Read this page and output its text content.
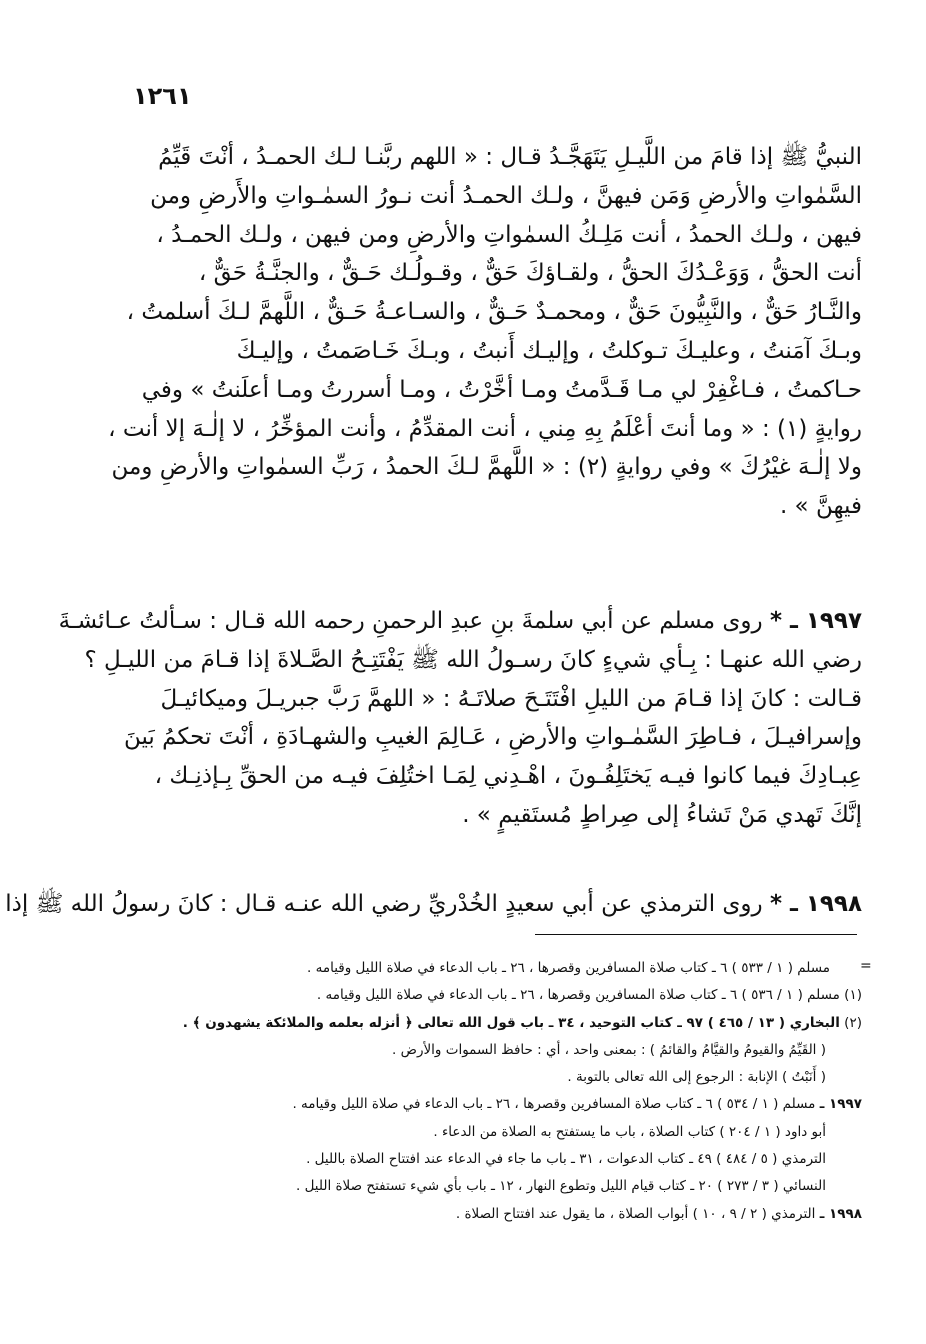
١٢٦١
النبيُّ ﷺ إذا قامَ من اللَّيـلِ يَتَهَجَّـدُ قـال : « اللهم ربَّنـا لـك الحمـدُ ، أنْتَ قَيِّمُ
السَّمٰواتِ والأرضِ وَمَن فيهنَّ ، ولـك الحمـدُ أنت نـورُ السمٰـواتِ والأَرضِ ومن
فيهن ، ولـك الحمدُ ، أنت مَلِـكُ السمٰواتِ والأرضِ ومن فيهن ، ولـك الحمـدُ ،
أنت الحقُّ ، وَوَعْـدُكَ الحقُّ ، ولقـاؤكَ حَقٌّ ، وقـولُـك حَـقٌّ ، والجنَّـةُ حَقٌّ ،
والنَّـارُ حَقٌّ ، والنَّبِيُّونَ حَقٌّ ، ومحمـدٌ حَـقٌّ ، والسـاعـةُ حَـقٌّ ، اللَّهمَّ لـكَ أسلمتُ ،
وبـكَ آمَنتُ ، وعليـكَ تـوكلتُ ، وإليـك أَنبتُ ، وبـكَ خَـاصَمتُ ، وإليـكَ
حـاكمتُ ، فـاغْفِرْ لي مـا قَـدَّمتُ ومـا أخَّرْتُ ، ومـا أسررتُ ومـا أعلَنتُ » وفي
روايةٍ (١) : « وما أنتَ أعْلَمُ بِهِ مِني ، أنت المقدِّمُ ، وأنت المؤخِّرُ ، لا إلٰـهَ إلا أنت ،
ولا إلٰـهَ غيْرُكَ » وفي روايةٍ (٢) : « اللَّهمَّ لـكَ الحمدُ ، رَبِّ السمٰواتِ والأرضِ ومن
فيهِنَّ » .
١٩٩٧ ـ * روى مسلم عن أبي سلمةَ بنِ عبدِ الرحمنِ رحمه الله قـال : سـألتُ عـائشـةَ
رضي الله عنهـا : بِـأي شيءٍ كانَ رسـولُ الله ﷺ يَفْتَتِـحُ الصَّـلاةَ إذا قـامَ من الليـلِ ؟
قـالت : كانَ إذا قـامَ من الليلِ افْتَتَـحَ صلاتَـهُ : « اللهمَّ رَبَّ جبريـلَ وميكائيـلَ
وإسرافيـلَ ، فـاطِرَ السَّمٰـواتِ والأرضِ ، عَـالِمَ الغيبِ والشهـادَةِ ، أنْتَ تحكمُ بَينَ
عِبـادِكَ فيما كانوا فيـه يَختَلِفُـونَ ، اهْـدِني لِمَـا اختُلِفَ فيـه من الحقِّ بِـإذنِـك ،
إنَّكَ تَهدي مَنْ تَشاءُ إلى صِراطٍ مُستَقيمٍ » .
١٩٩٨ ـ * روى الترمذي عن أبي سعيدٍ الخُدْريِّ رضي الله عنـه قـال : كانَ رسولُ الله ﷺ إذا
=
مسلم ( ١ / ٥٣٣ ) ٦ ـ كتاب صلاة المسافرين وقصرها ، ٢٦ ـ باب الدعاء في صلاة الليل وقيامه .
(١) مسلم ( ١ / ٥٣٦ ) ٦ ـ كتاب صلاة المسافرين وقصرها ، ٢٦ ـ باب الدعاء في صلاة الليل وقيامه .
(٢) البخاري ( ١٣ / ٤٦٥ ) ٩٧ ـ كتاب التوحيد ، ٣٤ ـ باب قول الله تعالى ﴿ أنزله بعلمه والملائكة يشهدون ﴾ .
( القَيِّمُ والقيومُ والقيَّامُ والقائمُ ) : بمعنى واحد ، أي : حافظ السموات والأرض .
( أَنَبْتُ ) الإنابة : الرجوع إلى الله تعالى بالتوبة .
١٩٩٧ ـ مسلم ( ١ / ٥٣٤ ) ٦ ـ كتاب صلاة المسافرين وقصرها ، ٢٦ ـ باب الدعاء في صلاة الليل وقيامه .
أبو داود ( ١ / ٢٠٤ ) كتاب الصلاة ، باب ما يستفتح به الصلاة من الدعاء .
الترمذي ( ٥ / ٤٨٤ ) ٤٩ ـ كتاب الدعوات ، ٣١ ـ باب ما جاء في الدعاء عند افتتاح الصلاة بالليل .
النسائي ( ٣ / ٢٧٣ ) ٢٠ ـ كتاب قيام الليل وتطوع النهار ، ١٢ ـ باب بأي شيء تستفتح صلاة الليل .
١٩٩٨ ـ الترمذي ( ٢ / ٩ ، ١٠ ) أبواب الصلاة ، ما يقول عند افتتاح الصلاة .
